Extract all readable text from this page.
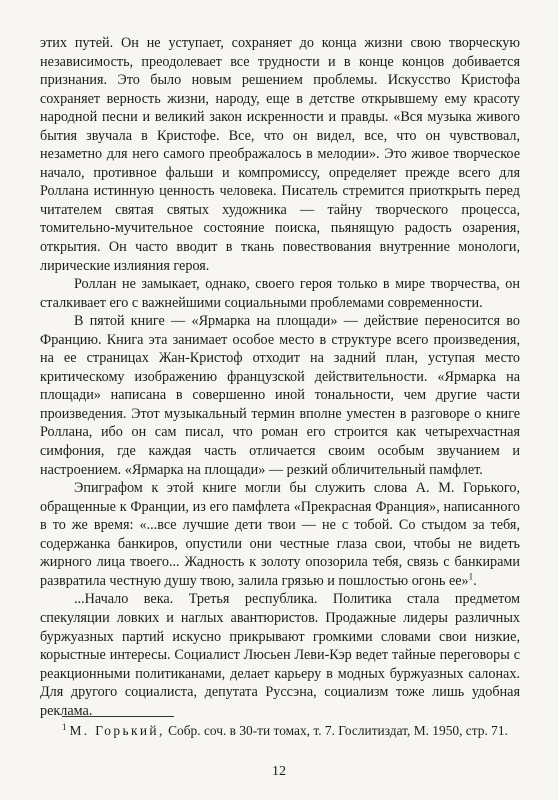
этих путей. Он не уступает, сохраняет до конца жизни свою творческую независимость, преодолевает все трудности и в конце концов добивается признания. Это было новым решением проблемы. Искусство Кристофа сохраняет верность жизни, народу, еще в детстве открывшему ему красоту народной песни и великий закон искренности и правды. «Вся музыка живого бытия звучала в Кристофе. Все, что он видел, все, что он чувствовал, незаметно для него самого преображалось в мелодии». Это живое творческое начало, противное фальши и компромиссу, определяет прежде всего для Роллана истинную ценность человека. Писатель стремится приоткрыть перед читателем святая святых художника — тайну творческого процесса, томительно-мучительное состояние поиска, пьянящую радость озарения, открытия. Он часто вводит в ткань повествования внутренние монологи, лирические излияния героя.

Роллан не замыкает, однако, своего героя только в мире творчества, он сталкивает его с важнейшими социальными проблемами современности.

В пятой книге — «Ярмарка на площади» — действие переносится во Францию. Книга эта занимает особое место в структуре всего произведения, на ее страницах Жан-Кристоф отходит на задний план, уступая место критическому изображению французской действительности. «Ярмарка на площади» написана в совершенно иной тональности, чем другие части произведения. Этот музыкальный термин вполне уместен в разговоре о книге Роллана, ибо он сам писал, что роман его строится как четырехчастная симфония, где каждая часть отличается своим особым звучанием и настроением. «Ярмарка на площади» — резкий обличительный памфлет.

Эпиграфом к этой книге могли бы служить слова А. М. Горького, обращенные к Франции, из его памфлета «Прекрасная Франция», написанного в то же время: «...все лучшие дети твои — не с тобой. Со стыдом за тебя, содержанка банкиров, опустили они честные глаза свои, чтобы не видеть жирного лица твоего... Жадность к золоту опозорила тебя, связь с банкирами развратила честную душу твою, залила грязью и пошлостью огонь ее»$^1$.

...Начало века. Третья республика. Политика стала предметом спекуляции ловких и наглых авантюристов. Продажные лидеры различных буржуазных партий искусно прикрывают громкими словами свои низкие, корыстные интересы. Социалист Люсьен Леви-Кэр ведет тайные переговоры с реакционными политиканами, делает карьеру в модных буржуазных салонах. Для другого социалиста, депутата Руссэна, социализм тоже лишь удобная реклама.

$^1$ М. Горький, Собр. соч. в 30-ти томах, т. 7. Гослитиздат, М. 1950, стр. 71.
12
